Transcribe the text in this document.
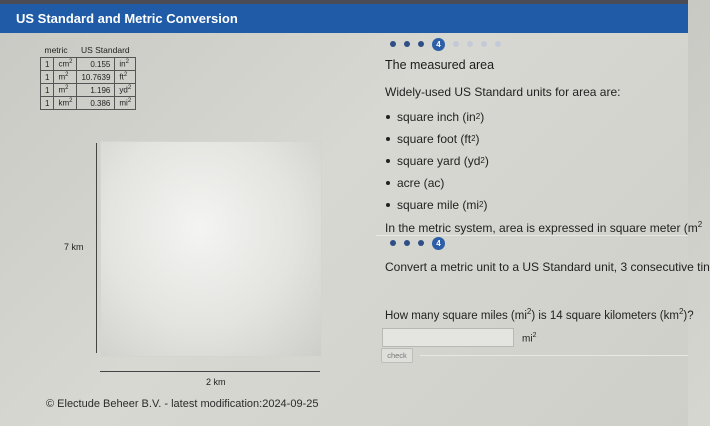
US Standard and Metric Conversion
metric		US Standard	
1	$cm^2$	0.155	$in^2$
1	$m^2$	10.7639	$ft^2$
1	$m^2$	1.196	$yd^2$
1	$km^2$	0.386	$mi^2$
7 km
2 km
© Electude Beheer B.V. - latest modification:2024-09-25
4
The measured area
Widely-used US Standard units for area are:
square inch ( in 2 )
square foot ( ft 2 )
square yard ( yd 2 )
acre ( ac )
square mile ( mi 2 )
In the metric system, area is expressed in square meter ($m^2$
4
Convert a metric unit to a US Standard unit, 3 consecutive tin
How many square miles $(mi^2)$ is 14 square kilometers $(km^2)$?
$mi^2$
check
